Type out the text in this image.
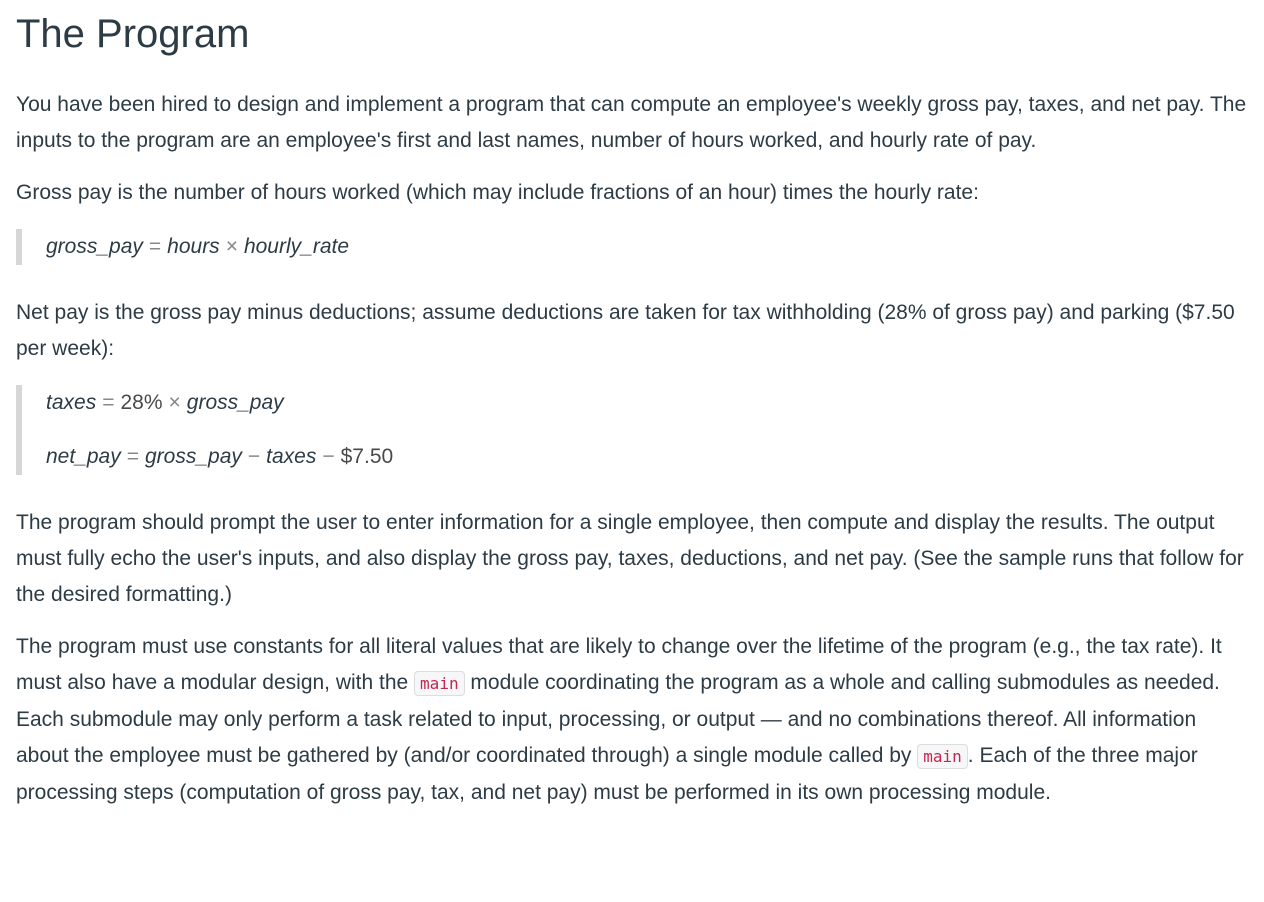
The Program

You have been hired to design and implement a program that can compute an employee's weekly gross pay, taxes, and net pay. The inputs to the program are an employee's first and last names, number of hours worked, and hourly rate of pay.

Gross pay is the number of hours worked (which may include fractions of an hour) times the hourly rate:

gross_pay = hours × hourly_rate

Net pay is the gross pay minus deductions; assume deductions are taken for tax withholding (28% of gross pay) and parking ($7.50 per week):

taxes = 28% × gross_pay
net_pay = gross_pay − taxes − $7.50

The program should prompt the user to enter information for a single employee, then compute and display the results. The output must fully echo the user's inputs, and also display the gross pay, taxes, deductions, and net pay. (See the sample runs that follow for the desired formatting.)

The program must use constants for all literal values that are likely to change over the lifetime of the program (e.g., the tax rate). It must also have a modular design, with the main module coordinating the program as a whole and calling submodules as needed. Each submodule may only perform a task related to input, processing, or output — and no combinations thereof. All information about the employee must be gathered by (and/or coordinated through) a single module called by main . Each of the three major processing steps (computation of gross pay, tax, and net pay) must be performed in its own processing module.
